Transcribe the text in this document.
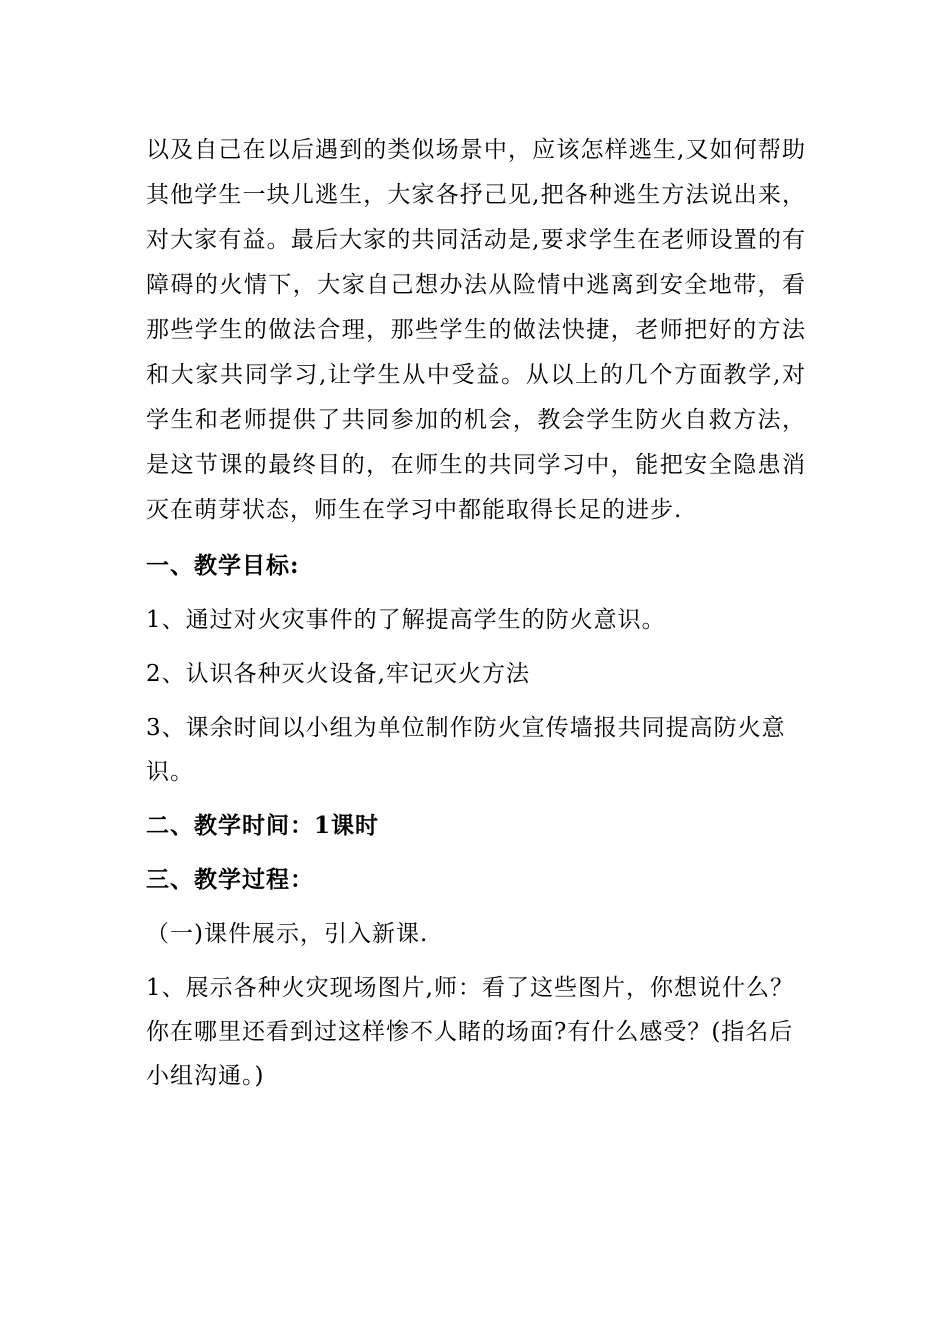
以及自己在以后遇到的类似场景中，应该怎样逃生,又如何帮助其他学生一块儿逃生，大家各抒己见,把各种逃生方法说出来，对大家有益。最后大家的共同活动是,要求学生在老师设置的有障碍的火情下，大家自己想办法从险情中逃离到安全地带，看那些学生的做法合理，那些学生的做法快捷，老师把好的方法和大家共同学习,让学生从中受益。从以上的几个方面教学,对学生和老师提供了共同参加的机会，教会学生防火自救方法，是这节课的最终目的，在师生的共同学习中，能把安全隐患消灭在萌芽状态，师生在学习中都能取得长足的进步.

一、教学目标:

1、通过对火灾事件的了解提高学生的防火意识。

2、认识各种灭火设备,牢记灭火方法

3、课余时间以小组为单位制作防火宣传墙报共同提高防火意识。

二、教学时间：1课时

三、教学过程：

（一)课件展示，引入新课.

1、展示各种火灾现场图片,师：看了这些图片，你想说什么？你在哪里还看到过这样惨不人睹的场面?有什么感受？(指名后小组沟通。)
